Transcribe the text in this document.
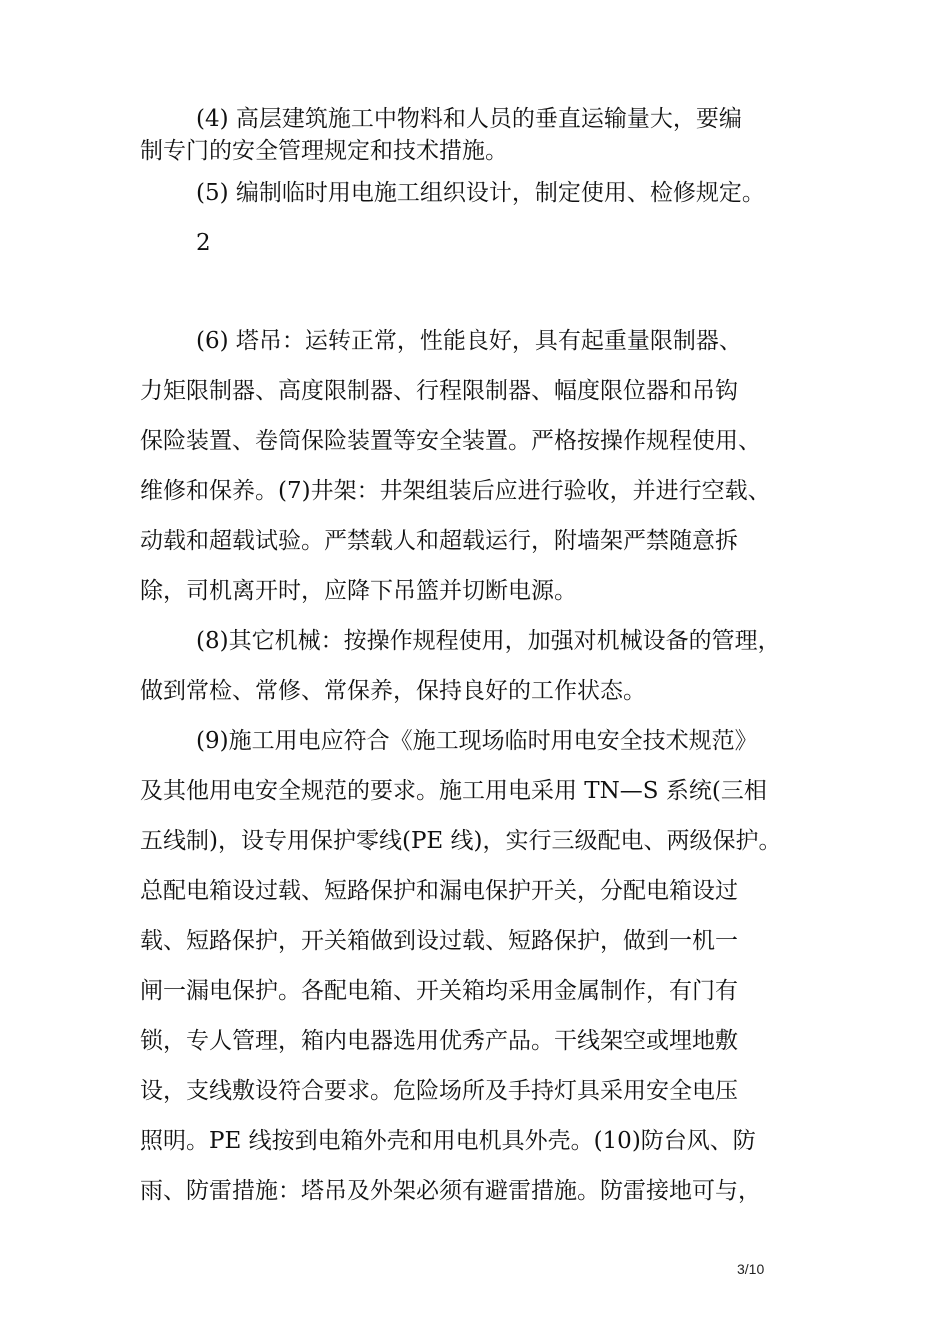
(4) 高层建筑施工中物料和人员的垂直运输量大，要编
制专门的安全管理规定和技术措施。
(5) 编制临时用电施工组织设计，制定使用、检修规定。
2
(6) 塔吊：运转正常，性能良好，具有起重量限制器、
力矩限制器、高度限制器、行程限制器、幅度限位器和吊钩
保险装置、卷筒保险装置等安全装置。严格按操作规程使用、
维修和保养。(7)井架：井架组装后应进行验收，并进行空载、
动载和超载试验。严禁载人和超载运行，附墙架严禁随意拆
除，司机离开时，应降下吊篮并切断电源。
(8)其它机械：按操作规程使用，加强对机械设备的管理，
做到常检、常修、常保养，保持良好的工作状态。
(9)施工用电应符合《施工现场临时用电安全技术规范》
及其他用电安全规范的要求。施工用电采用 TN—S 系统(三相
五线制)，设专用保护零线(PE 线)，实行三级配电、两级保护。
总配电箱设过载、短路保护和漏电保护开关，分配电箱设过
载、短路保护，开关箱做到设过载、短路保护，做到一机一
闸一漏电保护。各配电箱、开关箱均采用金属制作，有门有
锁，专人管理，箱内电器选用优秀产品。干线架空或埋地敷
设，支线敷设符合要求。危险场所及手持灯具采用安全电压
照明。PE 线按到电箱外壳和用电机具外壳。(10)防台风、防
雨、防雷措施：塔吊及外架必须有避雷措施。防雷接地可与，
3/10
